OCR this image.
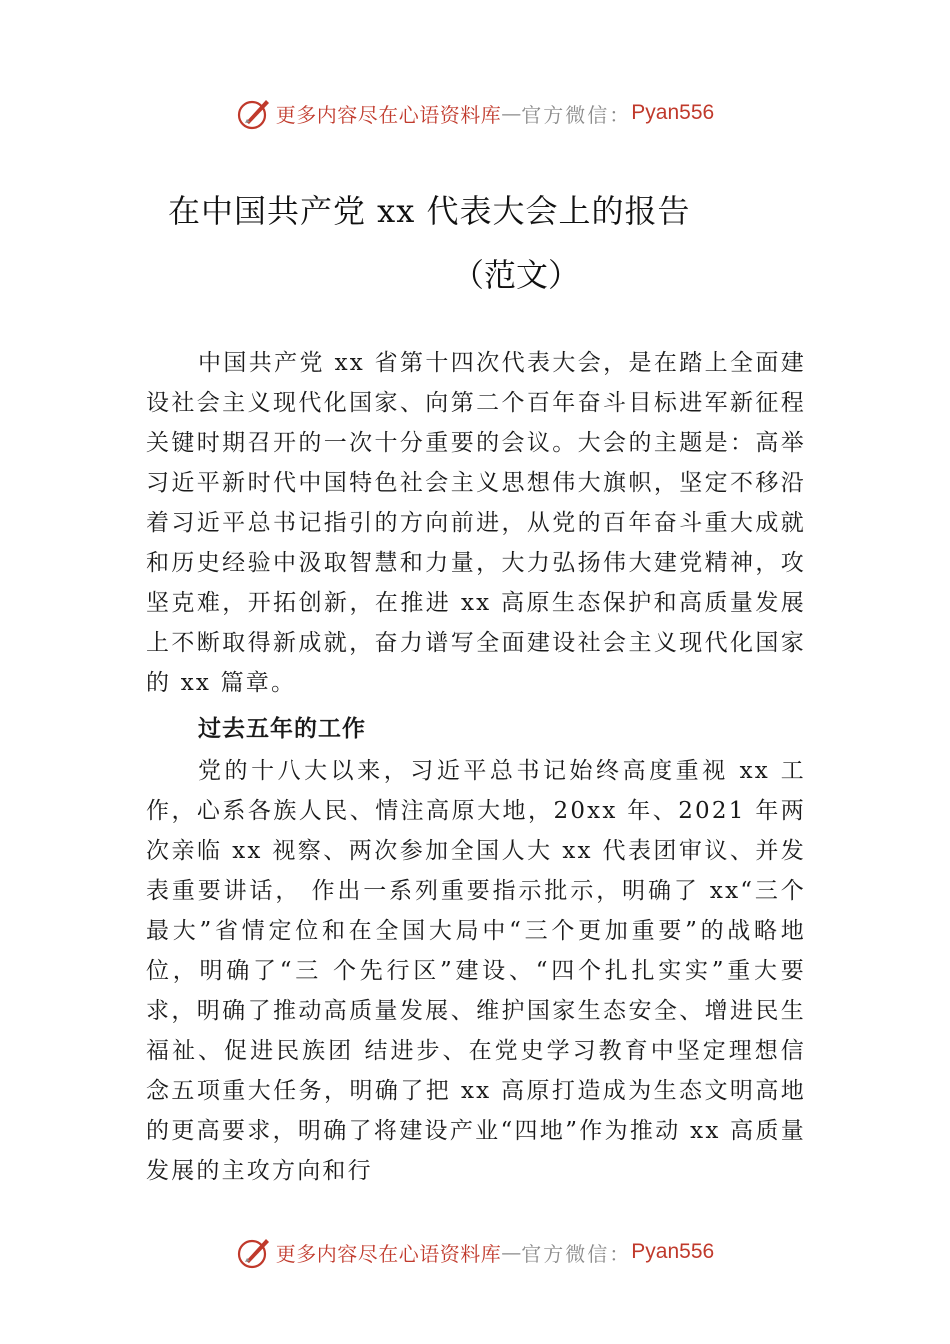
更多内容尽在心语资料库 — 官方微信： Pyan556
在中国共产党 xx 代表大会上的报告
（范文）

中国共产党 xx 省第十四次代表大会，是在踏上全面建设社会主义现代化国家、向第二个百年奋斗目标进军新征程关键时期召开的一次十分重要的会议。大会的主题是：高举习近平新时代中国特色社会主义思想伟大旗帜，坚定不移沿着习近平总书记指引的方向前进，从党的百年奋斗重大成就和历史经验中汲取智慧和力量，大力弘扬伟大建党精神，攻坚克难，开拓创新，在推进 xx 高原生态保护和高质量发展上不断取得新成就，奋力谱写全面建设社会主义现代化国家的 xx 篇章。

过去五年的工作

党的十八大以来，习近平总书记始终高度重视 xx 工作，心系各族人民、情注高原大地，20xx 年、2021 年两次亲临 xx 视察、两次参加全国人大 xx 代表团审议、并发表重要讲话， 作出一系列重要指示批示，明确了 xx“三个最大”省情定位和在全国大局中“三个更加重要”的战略地位，明确了“三 个先行区”建设、“四个扎扎实实”重大要求，明确了推动高质量发展、维护国家生态安全、增进民生福祉、促进民族团 结进步、在党史学习教育中坚定理想信念五项重大任务，明确了把 xx 高原打造成为生态文明高地的更高要求，明确了将建设产业“四地”作为推动 xx 高质量发展的主攻方向和行

更多内容尽在心语资料库 — 官方微信： Pyan556
